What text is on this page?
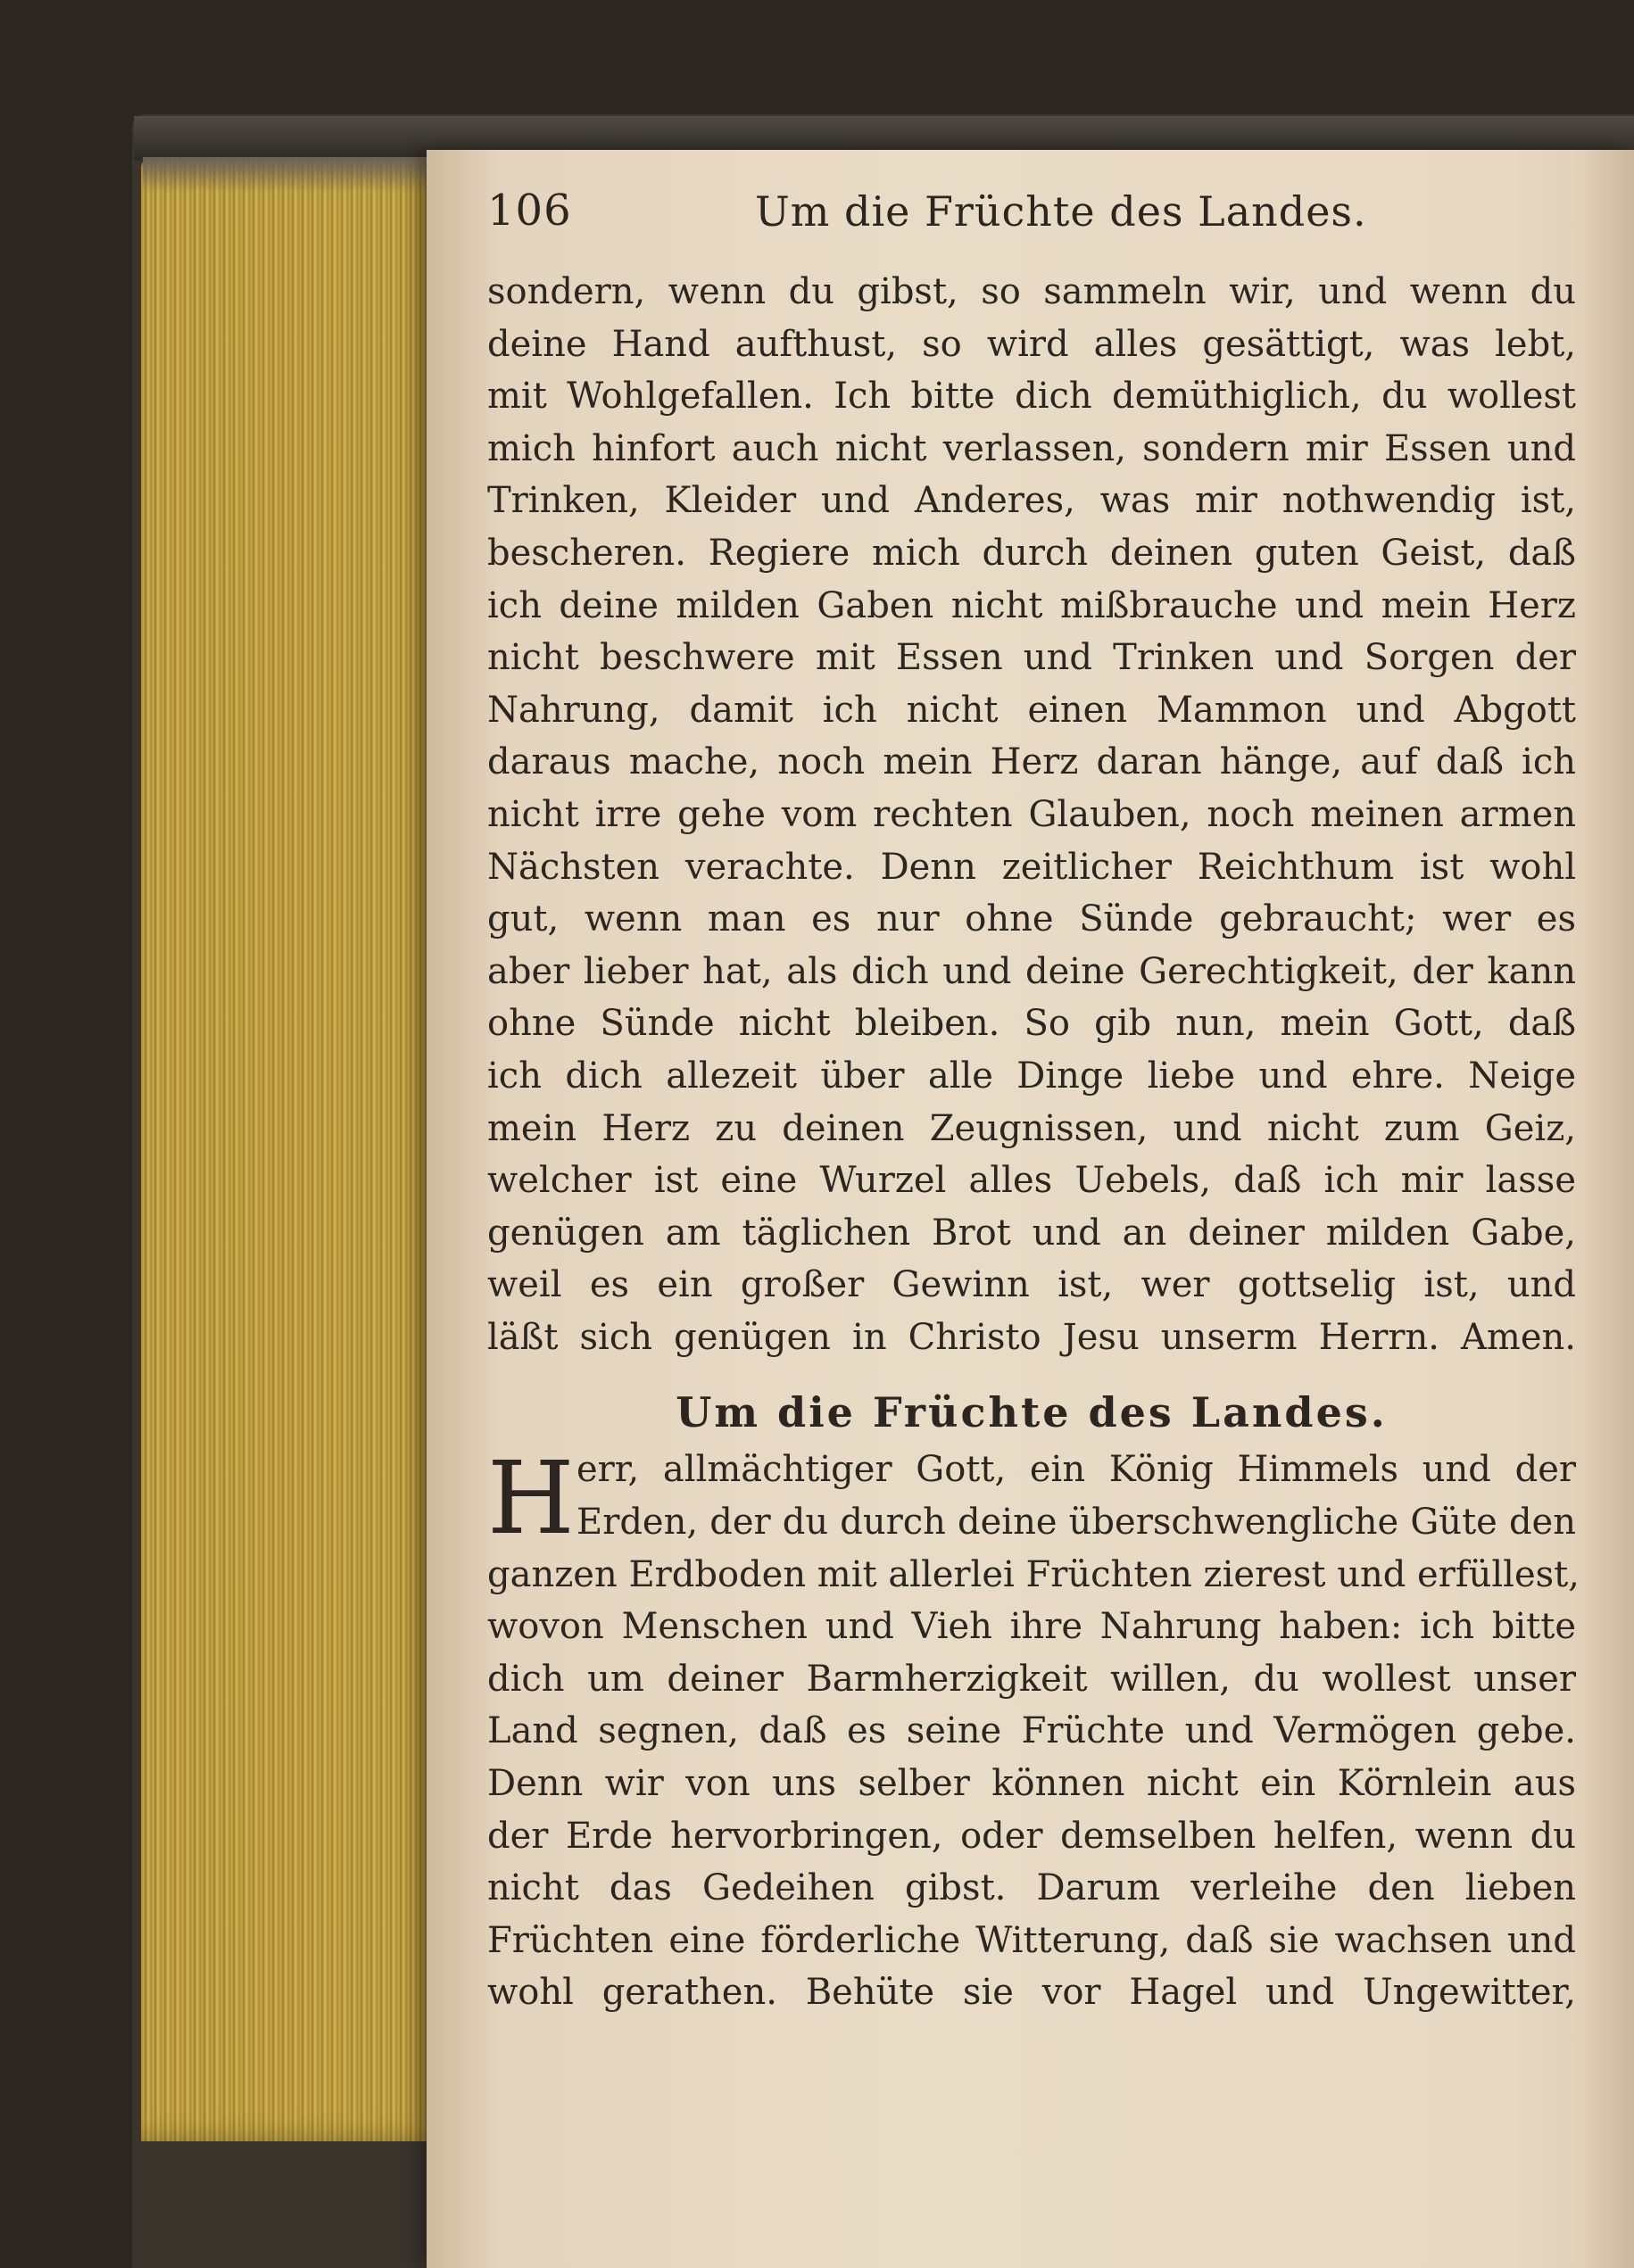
106	Um die Früchte des Landes.
sondern, wenn du gibst, so sammeln wir, und wenn du
deine Hand aufthust, so wird alles gesättigt, was lebt,
mit Wohlgefallen. Ich bitte dich demüthiglich, du wollest
mich hinfort auch nicht verlassen, sondern mir Essen und
Trinken, Kleider und Anderes, was mir nothwendig ist,
bescheren. Regiere mich durch deinen guten Geist, daß
ich deine milden Gaben nicht mißbrauche und mein Herz
nicht beschwere mit Essen und Trinken und Sorgen der
Nahrung, damit ich nicht einen Mammon und Abgott
daraus mache, noch mein Herz daran hänge, auf daß ich
nicht irre gehe vom rechten Glauben, noch meinen armen
Nächsten verachte. Denn zeitlicher Reichthum ist wohl
gut, wenn man es nur ohne Sünde gebraucht; wer es
aber lieber hat, als dich und deine Gerechtigkeit, der kann
ohne Sünde nicht bleiben. So gib nun, mein Gott, daß
ich dich allezeit über alle Dinge liebe und ehre. Neige
mein Herz zu deinen Zeugnissen, und nicht zum Geiz,
welcher ist eine Wurzel alles Uebels, daß ich mir lasse
genügen am täglichen Brot und an deiner milden Gabe,
weil es ein großer Gewinn ist, wer gottselig ist, und
läßt sich genügen in Christo Jesu unserm Herrn. Amen.
Um die Früchte des Landes.
H err, allmächtiger Gott, ein König Himmels und der
Erden, der du durch deine überschwengliche Güte den
ganzen Erdboden mit allerlei Früchten zierest und erfüllest,
wovon Menschen und Vieh ihre Nahrung haben: ich bitte
dich um deiner Barmherzigkeit willen, du wollest unser
Land segnen, daß es seine Früchte und Vermögen gebe.
Denn wir von uns selber können nicht ein Körnlein aus
der Erde hervorbringen, oder demselben helfen, wenn du
nicht das Gedeihen gibst. Darum verleihe den lieben
Früchten eine förderliche Witterung, daß sie wachsen und
wohl gerathen. Behüte sie vor Hagel und Ungewitter,
